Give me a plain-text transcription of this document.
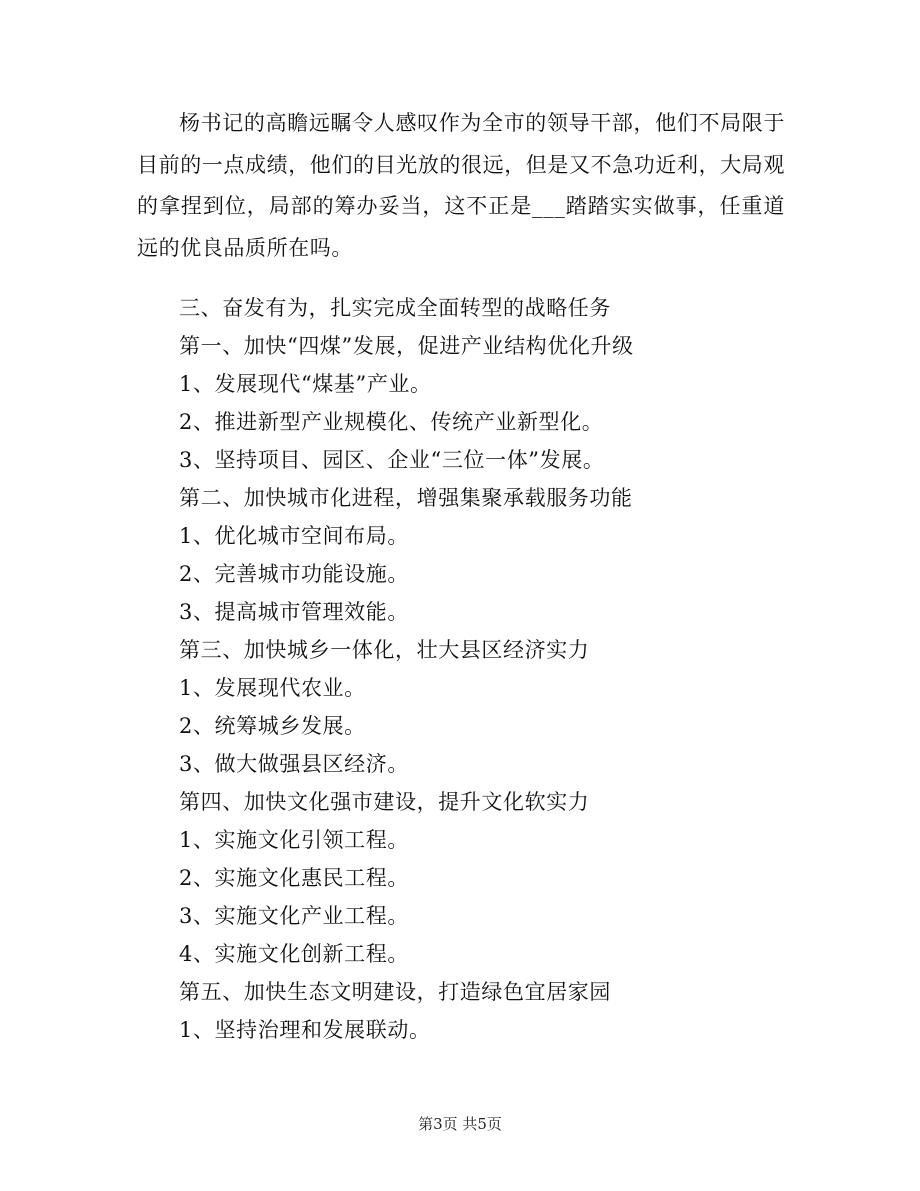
杨书记的高瞻远瞩令人感叹作为全市的领导干部，他们不局限于目前的一点成绩，他们的目光放的很远，但是又不急功近利，大局观的拿捏到位，局部的筹办妥当，这不正是___踏踏实实做事，任重道远的优良品质所在吗。

三、奋发有为，扎实完成全面转型的战略任务

第一、加快“四煤”发展，促进产业结构优化升级

1、发展现代“煤基”产业。

2、推进新型产业规模化、传统产业新型化。

3、坚持项目、园区、企业“三位一体”发展。

第二、加快城市化进程，增强集聚承载服务功能

1、优化城市空间布局。

2、完善城市功能设施。

3、提高城市管理效能。

第三、加快城乡一体化，壮大县区经济实力

1、发展现代农业。

2、统筹城乡发展。

3、做大做强县区经济。

第四、加快文化强市建设，提升文化软实力

1、实施文化引领工程。

2、实施文化惠民工程。

3、实施文化产业工程。

4、实施文化创新工程。

第五、加快生态文明建设，打造绿色宜居家园

1、坚持治理和发展联动。

第3页 共5页
